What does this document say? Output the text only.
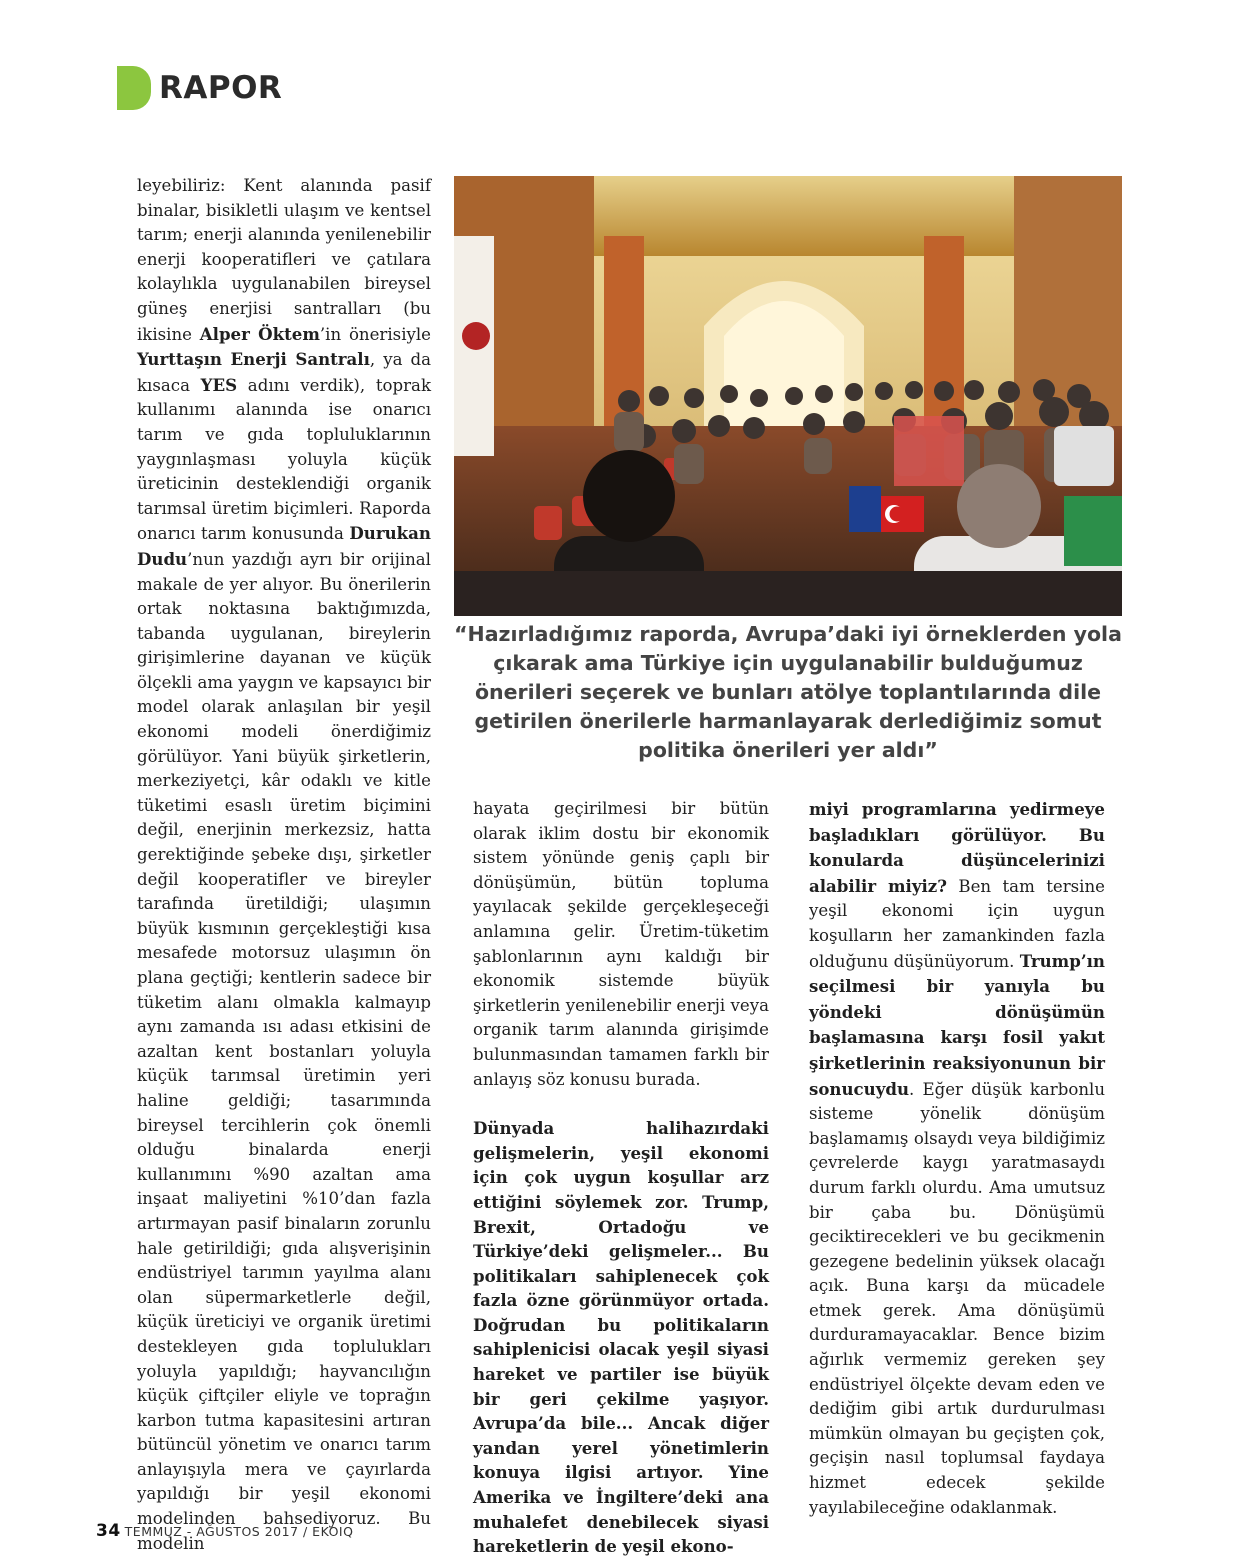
RAPOR

leyebiliriz: Kent alanında pasif binalar, bisikletli ulaşım ve kentsel tarım; enerji alanında yenilenebilir enerji kooperatifleri ve çatılara kolaylıkla uygulanabilen bireysel güneş enerjisi santralları (bu ikisine Alper Öktem’in önerisiyle Yurttaşın Enerji Santralı, ya da kısaca YES adını verdik), toprak kullanımı alanında ise onarıcı tarım ve gıda topluluklarının yaygınlaşması yoluyla küçük üreticinin desteklendiği organik tarımsal üretim biçimleri. Raporda onarıcı tarım konusunda Durukan Dudu’nun yazdığı ayrı bir orijinal makale de yer alıyor. Bu önerilerin ortak noktasına baktığımızda, tabanda uygulanan, bireylerin girişimlerine dayanan ve küçük ölçekli ama yaygın ve kapsayıcı bir model olarak anlaşılan bir yeşil ekonomi modeli önerdiğimiz görülüyor. Yani büyük şirketlerin, merkeziyetçi, kâr odaklı ve kitle tüketimi esaslı üretim biçimini değil, enerjinin merkezsiz, hatta gerektiğinde şebeke dışı, şirketler değil kooperatifler ve bireyler tarafında üretildiği; ulaşımın büyük kısmının gerçekleştiği kısa mesafede motorsuz ulaşımın ön plana geçtiği; kentlerin sadece bir tüketim alanı olmakla kalmayıp aynı zamanda ısı adası etkisini de azaltan kent bostanları yoluyla küçük tarımsal üretimin yeri haline geldiği; tasarımında bireysel tercihlerin çok önemli olduğu binalarda enerji kullanımını %90 azaltan ama inşaat maliyetini %10’dan fazla artırmayan pasif binaların zorunlu hale getirildiği; gıda alışverişinin endüstriyel tarımın yayılma alanı olan süpermarketlerle değil, küçük üreticiyi ve organik üretimi destekleyen gıda toplulukları yoluyla yapıldığı; hayvancılığın küçük çiftçiler eliyle ve toprağın karbon tutma kapasitesini artıran bütüncül yönetim ve onarıcı tarım anlayışıyla mera ve çayırlarda yapıldığı bir yeşil ekonomi modelinden bahsediyoruz. Bu modelin

“Hazırladığımız raporda, Avrupa’daki iyi örneklerden yola çıkarak ama Türkiye için uygulanabilir bulduğumuz önerileri seçerek ve bunları atölye toplantılarında dile getirilen önerilerle harmanlayarak derlediğimiz somut politika önerileri yer aldı”

hayata geçirilmesi bir bütün olarak iklim dostu bir ekonomik sistem yönünde geniş çaplı bir dönüşümün, bütün topluma yayılacak şekilde gerçekleşeceği anlamına gelir. Üretim-tüketim şablonlarının aynı kaldığı bir ekonomik sistemde büyük şirketlerin yenilenebilir enerji veya organik tarım alanında girişimde bulunmasından tamamen farklı bir anlayış söz konusu burada.

Dünyada halihazırdaki gelişmelerin, yeşil ekonomi için çok uygun koşullar arz ettiğini söylemek zor. Trump, Brexit, Ortadoğu ve Türkiye’deki gelişmeler... Bu politikaları sahiplenecek çok fazla özne görünmüyor ortada. Doğrudan bu politikaların sahiplenicisi olacak yeşil siyasi hareket ve partiler ise büyük bir geri çekilme yaşıyor. Avrupa’da bile... Ancak diğer yandan yerel yönetimlerin konuya ilgisi artıyor. Yine Amerika ve İngiltere’deki ana muhalefet denebilecek siyasi hareketlerin de yeşil ekono-

miyi programlarına yedirmeye başladıkları görülüyor. Bu konularda düşüncelerinizi alabilir miyiz? Ben tam tersine yeşil ekonomi için uygun koşulların her zamankinden fazla olduğunu düşünüyorum. Trump’ın seçilmesi bir yanıyla bu yöndeki dönüşümün başlamasına karşı fosil yakıt şirketlerinin reaksiyonunun bir sonucuydu. Eğer düşük karbonlu sisteme yönelik dönüşüm başlamamış olsaydı veya bildiğimiz çevrelerde kaygı yaratmasaydı durum farklı olurdu. Ama umutsuz bir çaba bu. Dönüşümü geciktirecekleri ve bu gecikmenin gezegene bedelinin yüksek olacağı açık. Buna karşı da mücadele etmek gerek. Ama dönüşümü durduramayacaklar. Bence bizim ağırlık vermemiz gereken şey endüstriyel ölçekte devam eden ve dediğim gibi artık durdurulması mümkün olmayan bu geçişten çok, geçişin nasıl toplumsal faydaya hizmet edecek şekilde yayılabileceğine odaklanmak.

34 TEMMUZ - AĞUSTOS 2017 / EKOIQ
